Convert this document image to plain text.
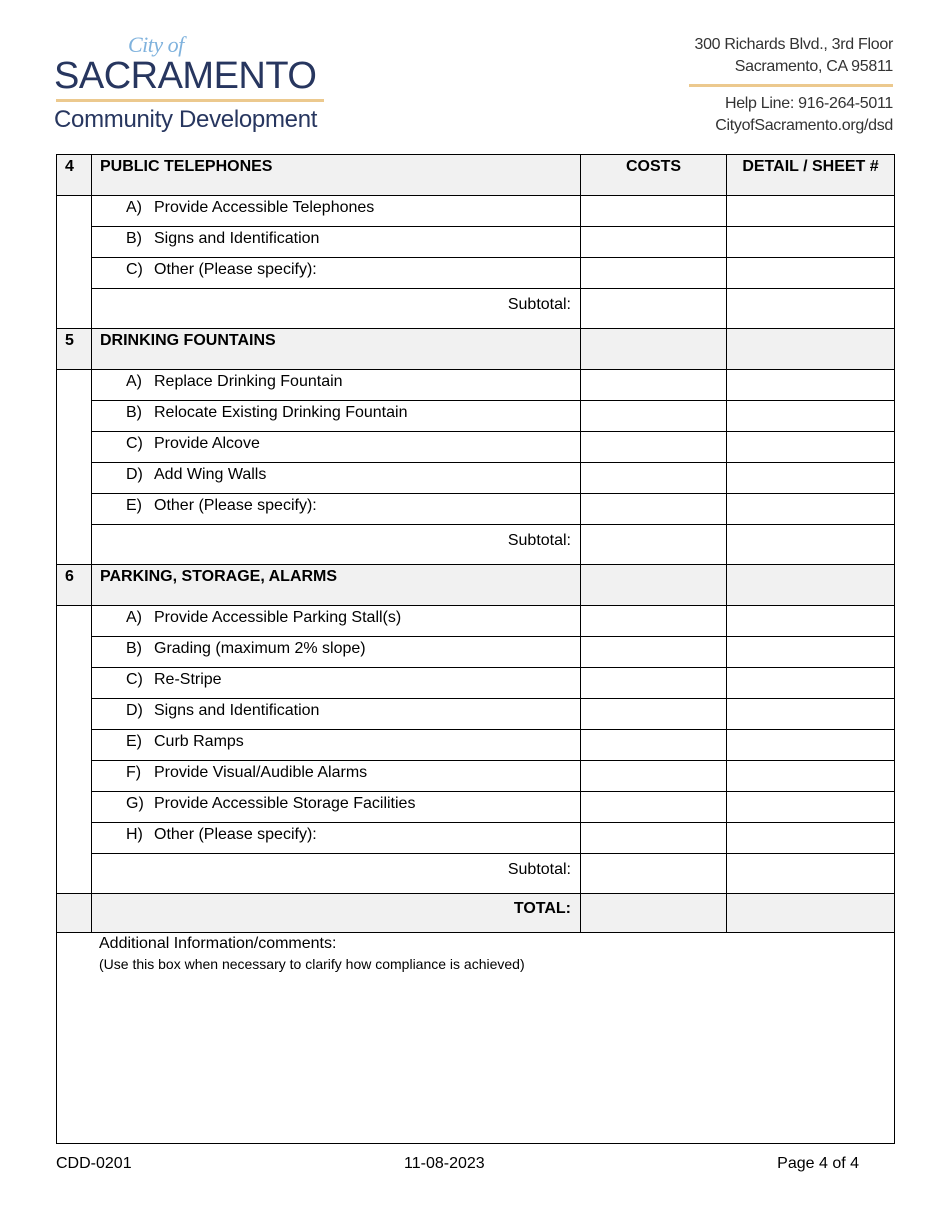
City of
SACRAMENTO
Community Development
300 Richards Blvd., 3rd Floor
Sacramento, CA 95811
Help Line: 916-264-5011
CityofSacramento.org/dsd
4	PUBLIC TELEPHONES	COSTS	DETAIL / SHEET #
	A) Provide Accessible Telephones		
	B) Signs and Identification		
	C) Other (Please specify):		
	Subtotal:		
5	DRINKING FOUNTAINS		
	A) Replace Drinking Fountain		
	B) Relocate Existing Drinking Fountain		
	C) Provide Alcove		
	D) Add Wing Walls		
	E) Other (Please specify):		
	Subtotal:		
6	PARKING, STORAGE, ALARMS		
	A) Provide Accessible Parking Stall(s)		
	B) Grading (maximum 2% slope)		
	C) Re-Stripe		
	D) Signs and Identification		
	E) Curb Ramps		
	F) Provide Visual/Audible Alarms		
	G) Provide Accessible Storage Facilities		
	H) Other (Please specify):		
	Subtotal:		
	TOTAL:		

Additional Information/comments:
(Use this box when necessary to clarify how compliance is achieved)			
CDD-0201	11-08-2023	Page 4 of 4
